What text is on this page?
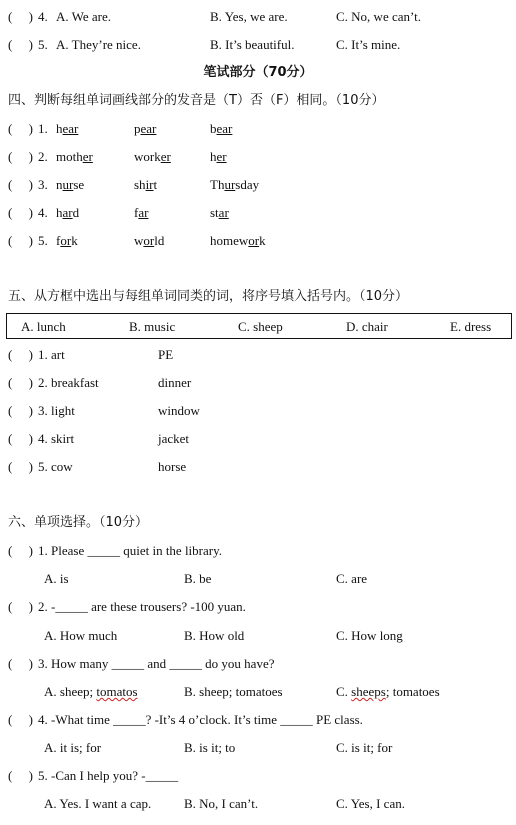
( ) 4. A. We are.	B. Yes, we are.	C. No, we can’t.
( ) 5. A. They’re nice.	B. It’s beautiful.	C. It’s mine.
笔试部分（70分）
四、判断每组单词画线部分的发音是（T）否（F）相同。（10分）
(     ) 1. hear	pear	bear
(     ) 2. mother	worker	her
(     ) 3. nurse	shirt	Thursday
(     ) 4. hard	far	star
(     ) 5. fork	world	homework
五、从方框中选出与每组单词同类的词，将序号填入括号内。（10分）
A. lunch	B. music	C. sheep	D. chair	E. dress
(     ) 1. art	PE
(     ) 2. breakfast	dinner
(     ) 3. light	window
(     ) 4. skirt	jacket
(     ) 5. cow	horse
六、单项选择。（10分）
(     ) 1. Please _____ quiet in the library.
A. is	B. be	C. are
(     ) 2. -_____ are these trousers? -100 yuan.
A. How much	B. How old	C. How long
(     ) 3. How many _____ and _____ do you have?
A. sheep; tomatos	B. sheep; tomatoes	C. sheeps; tomatoes
(     ) 4. -What time _____? -It’s 4 o’clock. It’s time _____ PE class.
A. it is; for	B. is it; to	C. is it; for
(     ) 5. -Can I help you? -_____
A. Yes. I want a cap.	B. No, I can’t.	C. Yes, I can.
